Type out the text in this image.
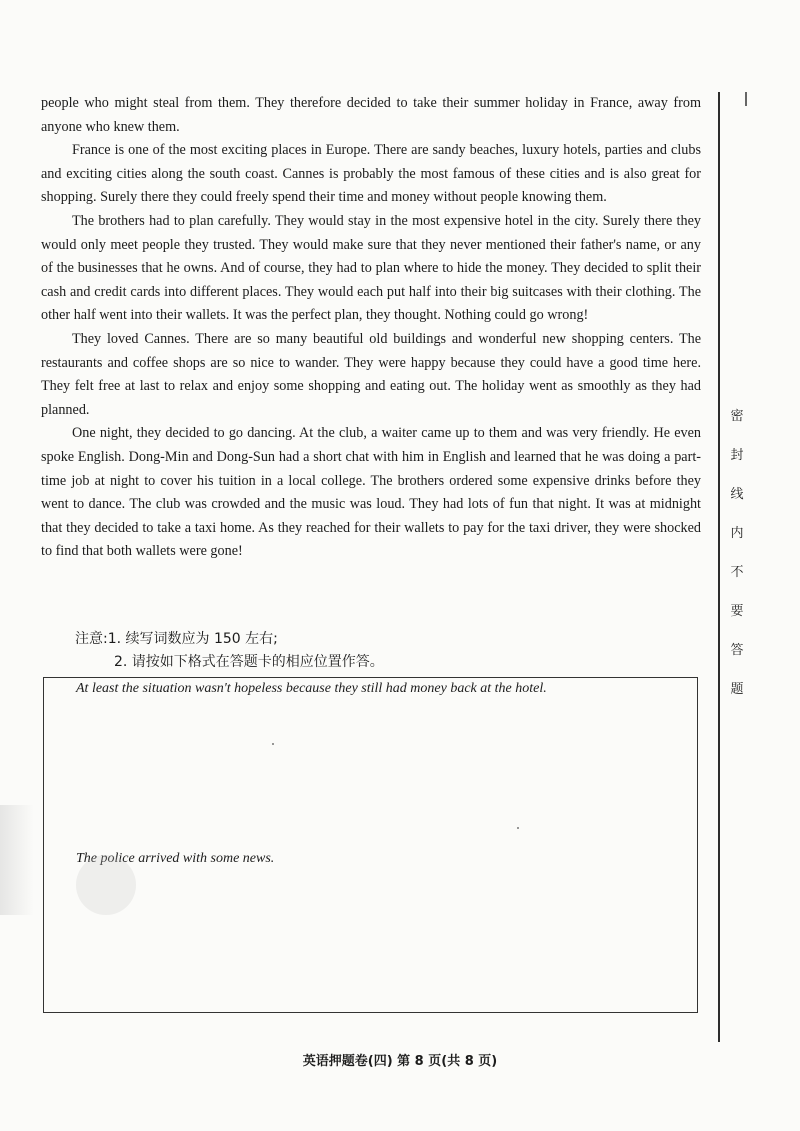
people who might steal from them. They therefore decided to take their summer holiday in France, away from anyone who knew them.

France is one of the most exciting places in Europe. There are sandy beaches, luxury hotels, parties and clubs and exciting cities along the south coast. Cannes is probably the most famous of these cities and is also great for shopping. Surely there they could freely spend their time and money without people knowing them.

The brothers had to plan carefully. They would stay in the most expensive hotel in the city. Surely there they would only meet people they trusted. They would make sure that they never mentioned their father's name, or any of the businesses that he owns. And of course, they had to plan where to hide the money. They decided to split their cash and credit cards into different places. They would each put half into their big suitcases with their clothing. The other half went into their wallets. It was the perfect plan, they thought. Nothing could go wrong!

They loved Cannes. There are so many beautiful old buildings and wonderful new shopping centers. The restaurants and coffee shops are so nice to wander. They were happy because they could have a good time here. They felt free at last to relax and enjoy some shopping and eating out. The holiday went as smoothly as they had planned.

One night, they decided to go dancing. At the club, a waiter came up to them and was very friendly. He even spoke English. Dong-Min and Dong-Sun had a short chat with him in English and learned that he was doing a part-time job at night to cover his tuition in a local college. The brothers ordered some expensive drinks before they went to dance. The club was crowded and the music was loud. They had lots of fun that night. It was at midnight that they decided to take a taxi home. As they reached for their wallets to pay for the taxi driver, they were shocked to find that both wallets were gone!

注意:1. 续写词数应为 150 左右;
2. 请按如下格式在答题卡的相应位置作答。
At least the situation wasn't hopeless because they still had money back at the hotel.
The police arrived with some news.
密
封
线
内
不
要
答
题
英语押题卷(四) 第 8 页(共 8 页)
